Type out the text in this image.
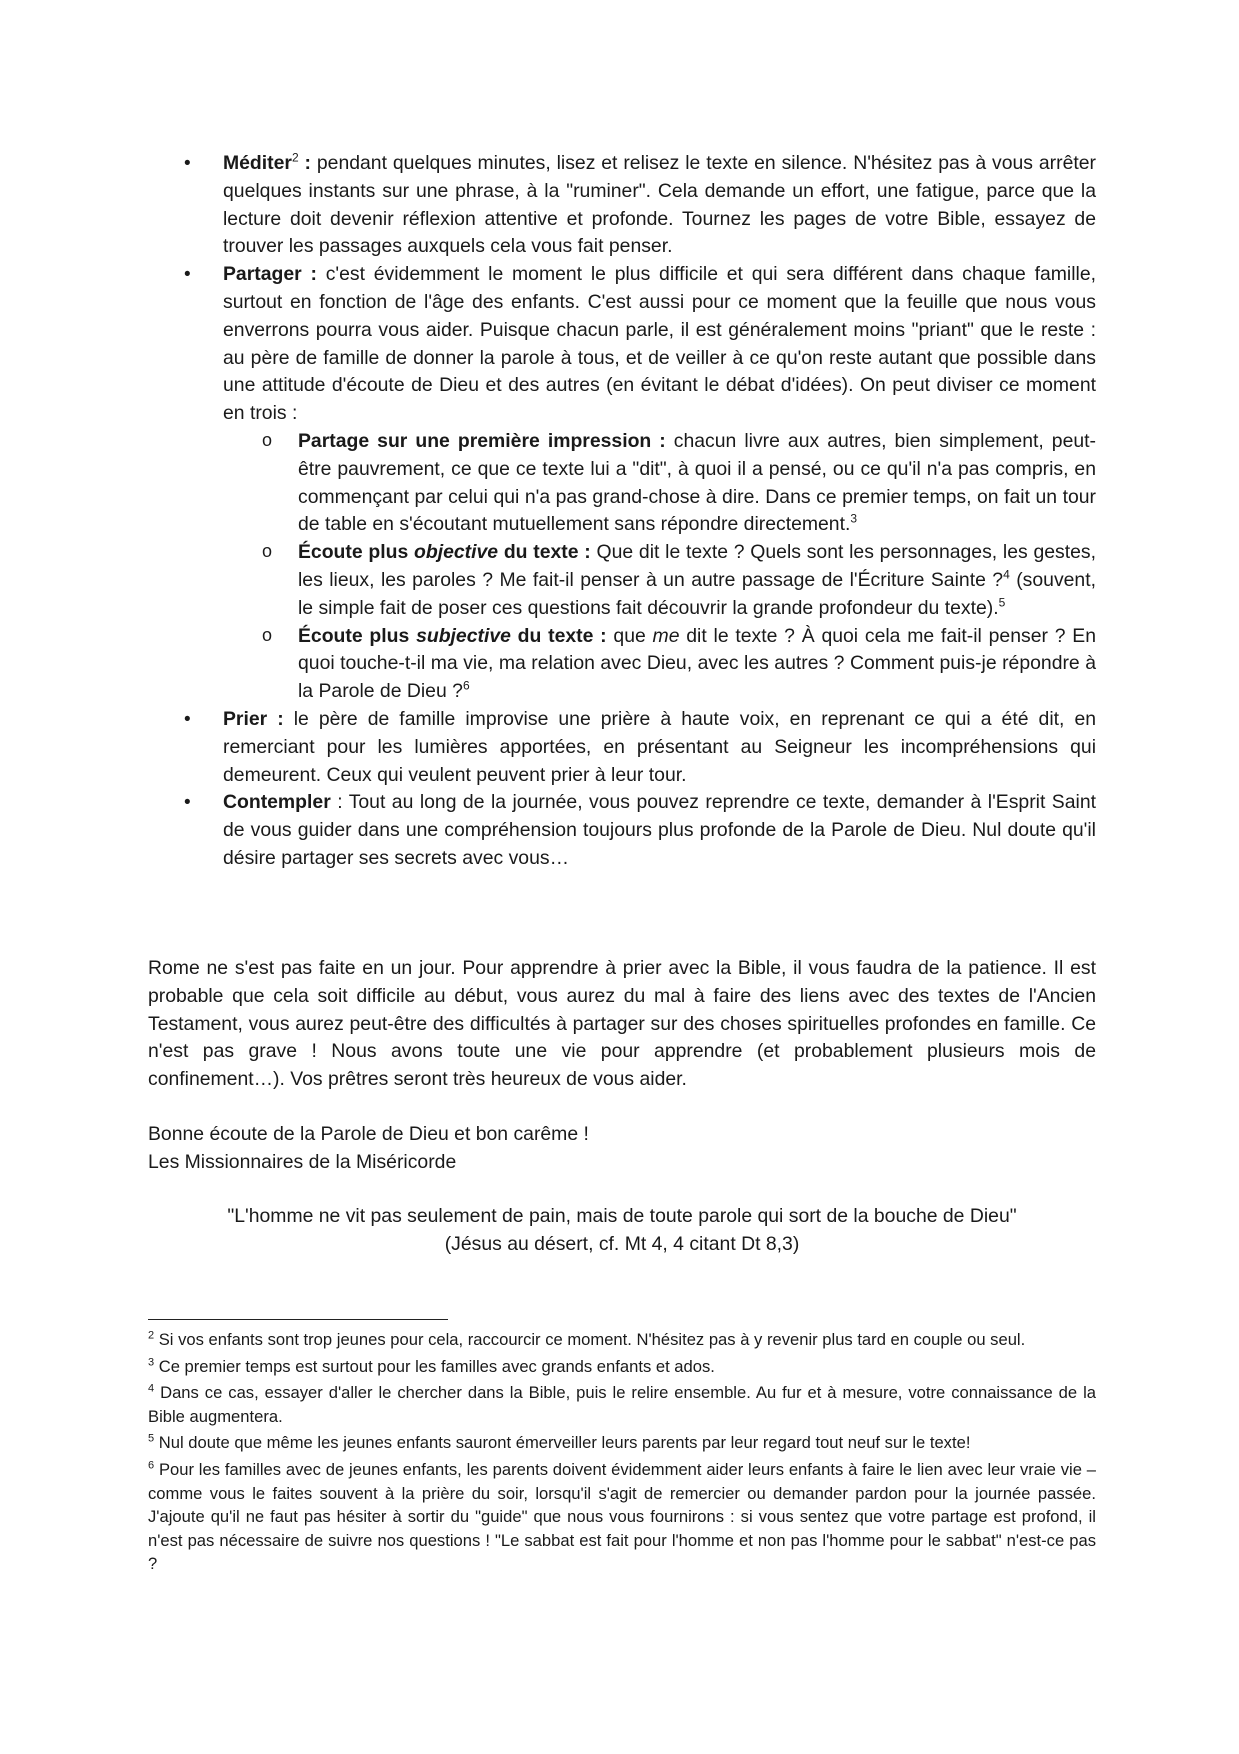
• Méditer$^2$ : pendant quelques minutes, lisez et relisez le texte en silence. N'hésitez pas à vous arrêter quelques instants sur une phrase, à la "ruminer". Cela demande un effort, une fatigue, parce que la lecture doit devenir réflexion attentive et profonde. Tournez les pages de votre Bible, essayez de trouver les passages auxquels cela vous fait penser.
• Partager : c'est évidemment le moment le plus difficile et qui sera différent dans chaque famille, surtout en fonction de l'âge des enfants. C'est aussi pour ce moment que la feuille que nous vous enverrons pourra vous aider. Puisque chacun parle, il est généralement moins "priant" que le reste : au père de famille de donner la parole à tous, et de veiller à ce qu'on reste autant que possible dans une attitude d'écoute de Dieu et des autres (en évitant le débat d'idées). On peut diviser ce moment en trois :
o Partage sur une première impression : chacun livre aux autres, bien simplement, peut-être pauvrement, ce que ce texte lui a "dit", à quoi il a pensé, ou ce qu'il n'a pas compris, en commençant par celui qui n'a pas grand-chose à dire. Dans ce premier temps, on fait un tour de table en s'écoutant mutuellement sans répondre directement.$^3$
o Écoute plus objective du texte : Que dit le texte ? Quels sont les personnages, les gestes, les lieux, les paroles ? Me fait-il penser à un autre passage de l'Écriture Sainte ?$^4$ (souvent, le simple fait de poser ces questions fait découvrir la grande profondeur du texte).$^5$
o Écoute plus subjective du texte : que me dit le texte ? À quoi cela me fait-il penser ? En quoi touche-t-il ma vie, ma relation avec Dieu, avec les autres ? Comment puis-je répondre à la Parole de Dieu ?$^6$
• Prier : le père de famille improvise une prière à haute voix, en reprenant ce qui a été dit, en remerciant pour les lumières apportées, en présentant au Seigneur les incompréhensions qui demeurent. Ceux qui veulent peuvent prier à leur tour.
• Contempler : Tout au long de la journée, vous pouvez reprendre ce texte, demander à l'Esprit Saint de vous guider dans une compréhension toujours plus profonde de la Parole de Dieu. Nul doute qu'il désire partager ses secrets avec vous…
Rome ne s'est pas faite en un jour. Pour apprendre à prier avec la Bible, il vous faudra de la patience. Il est probable que cela soit difficile au début, vous aurez du mal à faire des liens avec des textes de l'Ancien Testament, vous aurez peut-être des difficultés à partager sur des choses spirituelles profondes en famille. Ce n'est pas grave ! Nous avons toute une vie pour apprendre (et probablement plusieurs mois de confinement…). Vos prêtres seront très heureux de vous aider.
Bonne écoute de la Parole de Dieu et bon carême !
Les Missionnaires de la Miséricorde
"L'homme ne vit pas seulement de pain, mais de toute parole qui sort de la bouche de Dieu"
(Jésus au désert, cf. Mt 4, 4 citant Dt 8,3)
$^2$ Si vos enfants sont trop jeunes pour cela, raccourcir ce moment. N'hésitez pas à y revenir plus tard en couple ou seul.
$^3$ Ce premier temps est surtout pour les familles avec grands enfants et ados.
$^4$ Dans ce cas, essayer d'aller le chercher dans la Bible, puis le relire ensemble. Au fur et à mesure, votre connaissance de la Bible augmentera.
$^5$ Nul doute que même les jeunes enfants sauront émerveiller leurs parents par leur regard tout neuf sur le texte!
$^6$ Pour les familles avec de jeunes enfants, les parents doivent évidemment aider leurs enfants à faire le lien avec leur vraie vie – comme vous le faites souvent à la prière du soir, lorsqu'il s'agit de remercier ou demander pardon pour la journée passée. J'ajoute qu'il ne faut pas hésiter à sortir du "guide" que nous vous fournirons : si vous sentez que votre partage est profond, il n'est pas nécessaire de suivre nos questions ! "Le sabbat est fait pour l'homme et non pas l'homme pour le sabbat" n'est-ce pas ?
